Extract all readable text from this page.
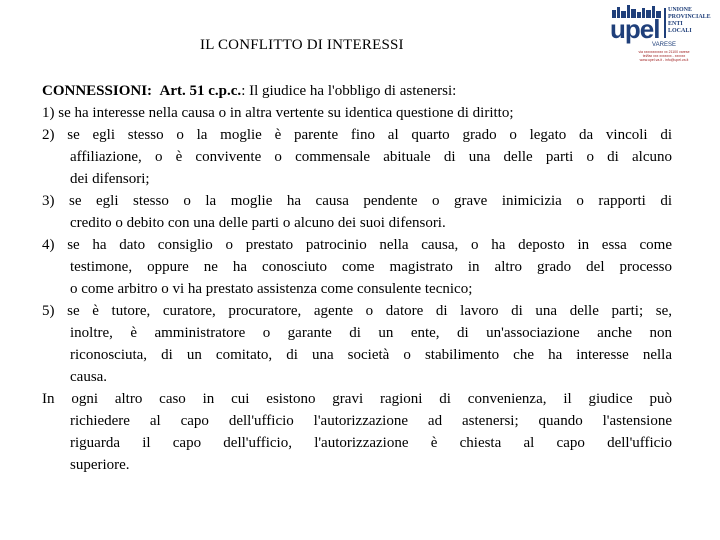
IL CONFLITTO DI INTERESSI
upel
UNIONE
PROVINCIALE
ENTI
LOCALI
VARESE
via xxxxxxxxxxx xx 21100 varese
tel/fax xxx xxxxxxx - xxxxxx
www.upel.va.it - info@upel.va.it
CONNESSIONI: Art. 51 c.p.c.: Il giudice ha l'obbligo di astenersi:
1) se ha interesse nella causa o in altra vertente su identica questione di diritto;
2) se egli stesso o la moglie è parente fino al quarto grado o legato da vincoli di
affiliazione, o è convivente o commensale abituale di una delle parti o di alcuno
dei difensori;
3) se egli stesso o la moglie ha causa pendente o grave inimicizia o rapporti di
credito o debito con una delle parti o alcuno dei suoi difensori.
4) se ha dato consiglio o prestato patrocinio nella causa, o ha deposto in essa come
testimone, oppure ne ha conosciuto come magistrato in altro grado del processo
o come arbitro o vi ha prestato assistenza come consulente tecnico;
5) se è tutore, curatore, procuratore, agente o datore di lavoro di una delle parti; se,
inoltre, è amministratore o garante di un ente, di un'associazione anche non
riconosciuta, di un comitato, di una società o stabilimento che ha interesse nella
causa.
In ogni altro caso in cui esistono gravi ragioni di convenienza, il giudice può
richiedere al capo dell'ufficio l'autorizzazione ad astenersi; quando l'astensione
riguarda il capo dell'ufficio, l'autorizzazione è chiesta al capo dell'ufficio
superiore.
